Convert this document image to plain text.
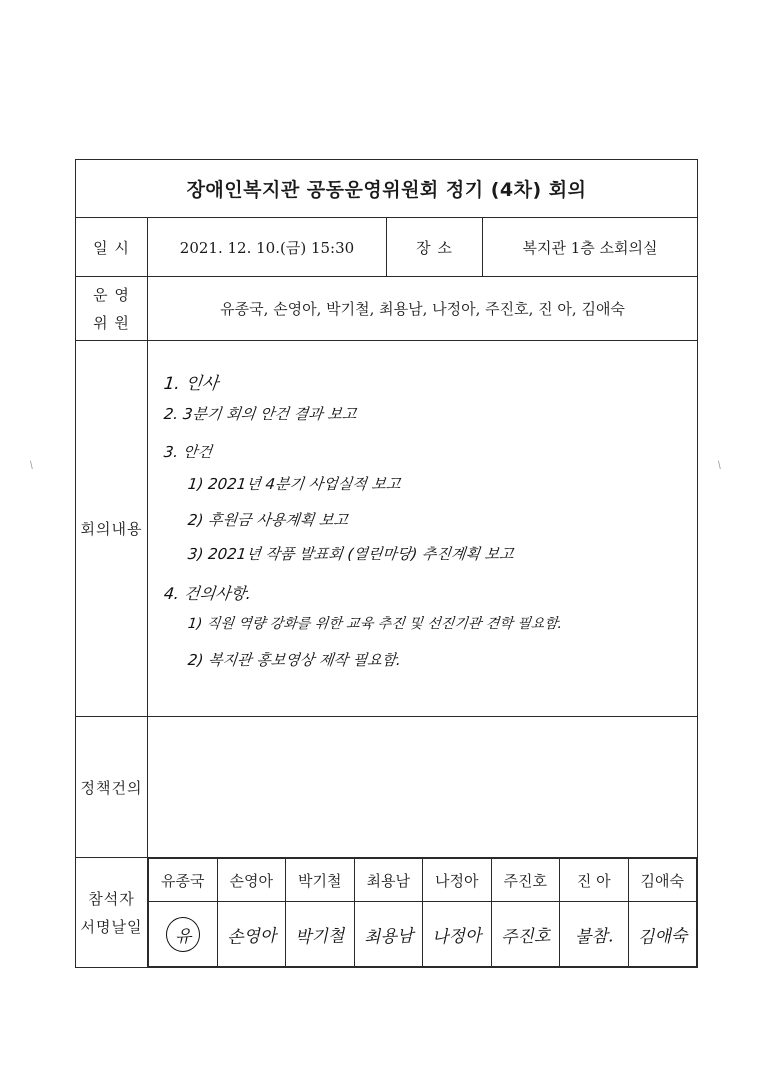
장애인복지관 공동운영위원회 정기 (4차) 회의
일 시	2021. 12. 10.(금) 15:30	장 소	복지관 1층 소회의실

운 영
위 원
	유종국, 손영아, 박기철, 최용남, 나정아, 주진호, 진 아, 김애숙
회의내용	
1. 인사
2. 3분기 회의 안건 결과 보고
3. 안건
1) 2021년 4분기 사업실적 보고
2) 후원금 사용계획 보고
3) 2021년 작품 발표회 (열린마당) 추진계획 보고
4. 건의사항.
1) 직원 역량 강화를 위한 교육 추진 및 선진기관 견학 필요함.
2) 복지관 홍보영상 제작 필요함.

정책건의	

참석자
서명날일

유종국	손영아	박기철	최용남	나정아	주진호	진 아	김애숙
유	손영아	박기철	최용남	나정아	주진호	불참.	김애숙
/	/
